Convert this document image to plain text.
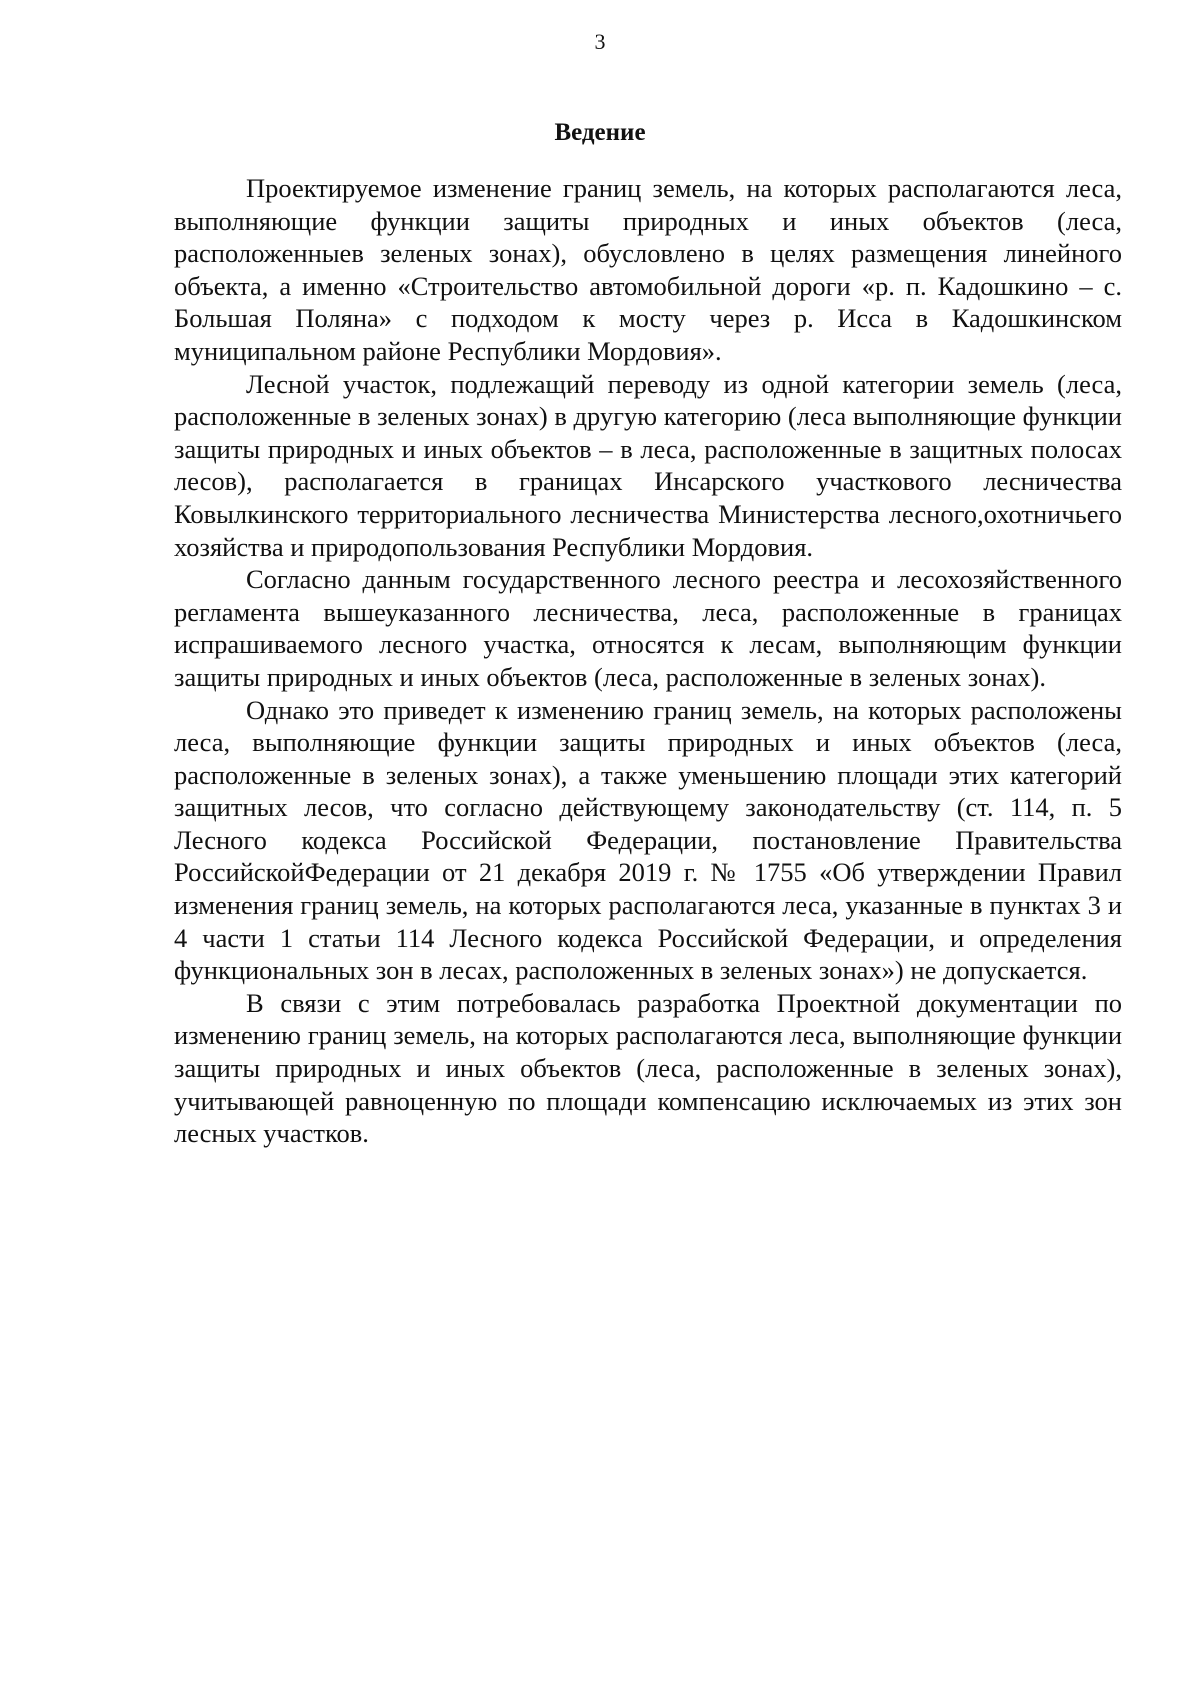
3
Ведение

Проектируемое изменение границ земель, на которых располагаются леса, выполняющие функции защиты природных и иных объектов (леса, расположенныев зеленых зонах), обусловлено в целях размещения линейного объекта, а именно «Строительство автомобильной дороги «р. п. Кадошкино – с. Большая Поляна» с подходом к мосту через р. Исса в Кадошкинском муниципальном районе Республики Мордовия».

Лесной участок, подлежащий переводу из одной категории земель (леса, расположенные в зеленых зонах) в другую категорию (леса выполняющие функции защиты природных и иных объектов – в леса, расположенные в защитных полосах лесов), располагается в границах Инсарского участкового лесничества Ковылкинского территориального лесничества Министерства лесного,охотничьего хозяйства и природопользования Республики Мордовия.

Согласно данным государственного лесного реестра и лесохозяйственного регламента вышеуказанного лесничества, леса, расположенные в границах испрашиваемого лесного участка, относятся к лесам, выполняющим функции защиты природных и иных объектов (леса, расположенные в зеленых зонах).

Однако это приведет к изменению границ земель, на которых расположены леса, выполняющие функции защиты природных и иных объектов (леса, расположенные в зеленых зонах), а также уменьшению площади этих категорий защитных лесов, что согласно действующему законодательству (ст. 114, п. 5 Лесного кодекса Российской Федерации, постановление Правительства РоссийскойФедерации от 21 декабря 2019 г. № 1755 «Об утверждении Правил изменения границ земель, на которых располагаются леса, указанные в пунктах 3 и 4 части 1 статьи 114 Лесного кодекса Российской Федерации, и определения функциональных зон в лесах, расположенных в зеленых зонах») не допускается.

В связи с этим потребовалась разработка Проектной документации по изменению границ земель, на которых располагаются леса, выполняющие функции защиты природных и иных объектов (леса, расположенные в зеленых зонах), учитывающей равноценную по площади компенсацию исключаемых из этих зон лесных участков.
